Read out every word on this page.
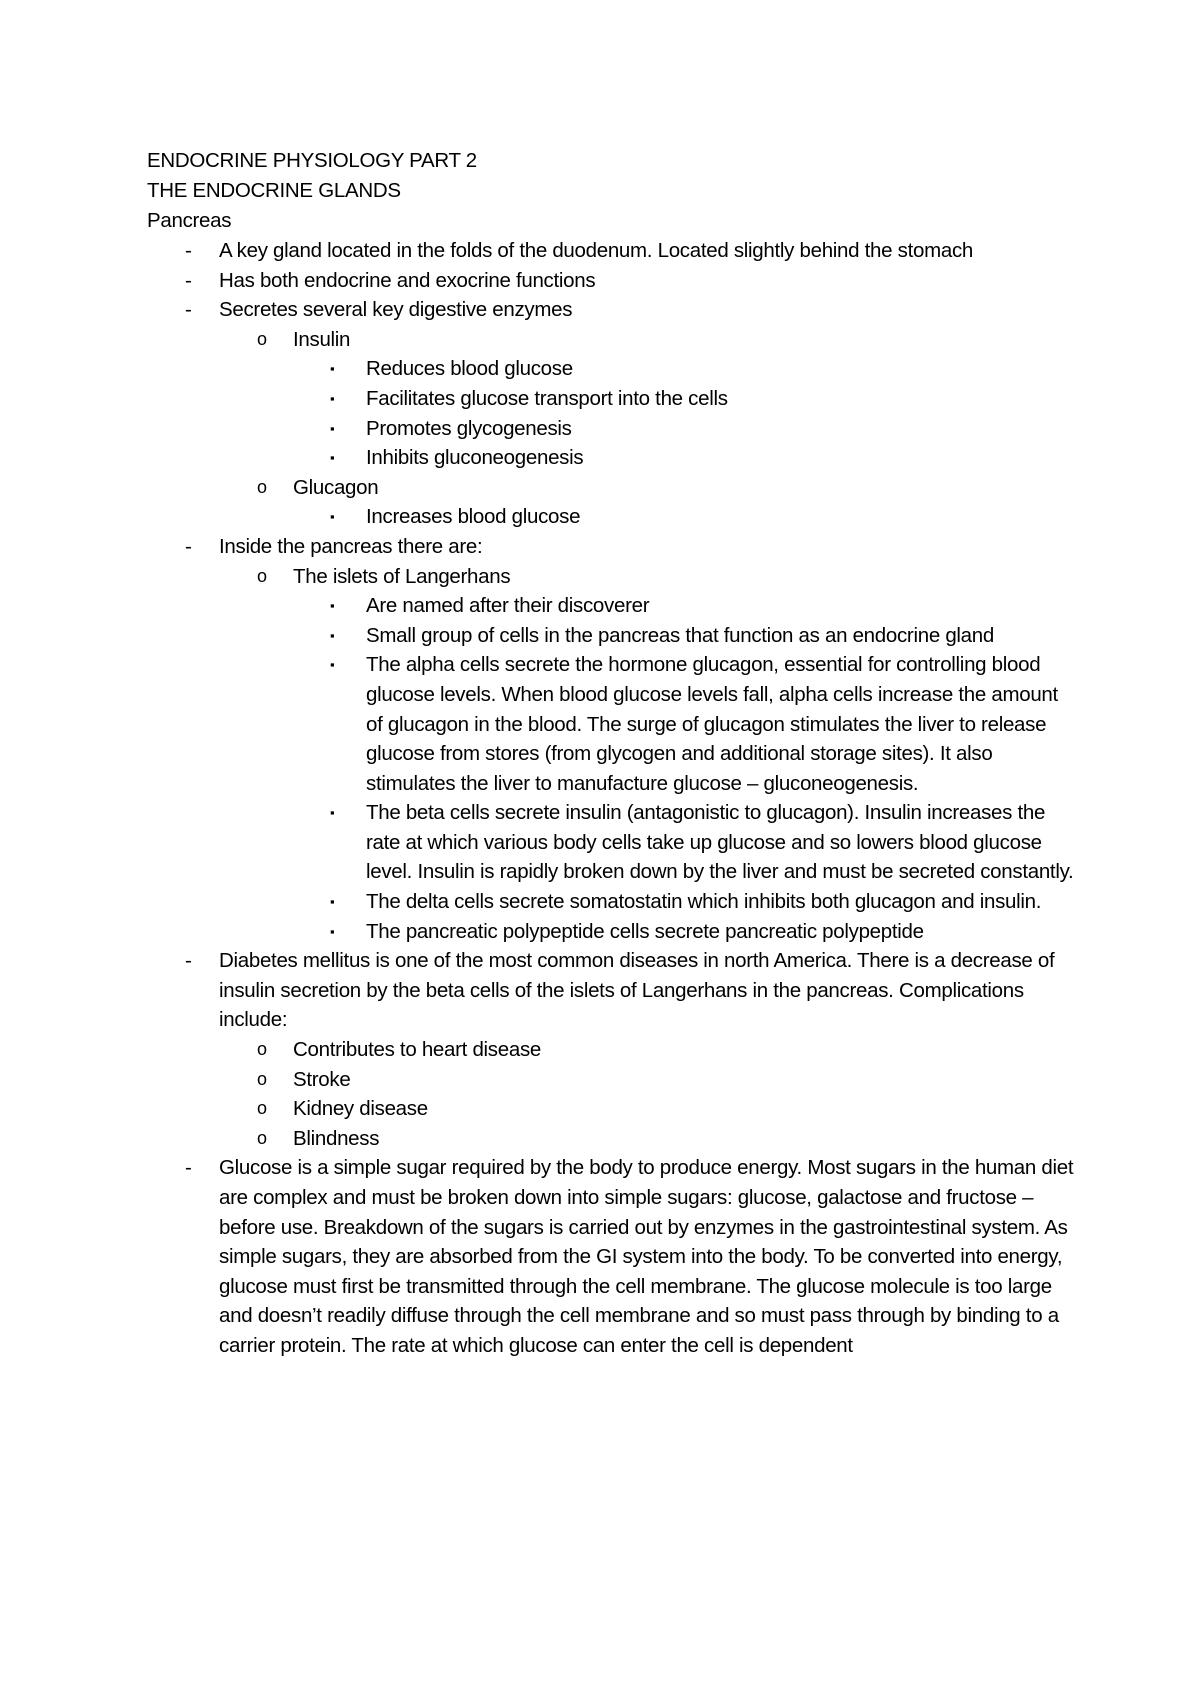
ENDOCRINE PHYSIOLOGY PART 2
THE ENDOCRINE GLANDS
Pancreas
- A key gland located in the folds of the duodenum. Located slightly behind the stomach
- Has both endocrine and exocrine functions
- Secretes several key digestive enzymes
o Insulin
▪ Reduces blood glucose
▪ Facilitates glucose transport into the cells
▪ Promotes glycogenesis
▪ Inhibits gluconeogenesis
o Glucagon
▪ Increases blood glucose
- Inside the pancreas there are:
o The islets of Langerhans
▪ Are named after their discoverer
▪ Small group of cells in the pancreas that function as an endocrine gland
▪ The alpha cells secrete the hormone glucagon, essential for controlling blood glucose levels. When blood glucose levels fall, alpha cells increase the amount of glucagon in the blood. The surge of glucagon stimulates the liver to release glucose from stores (from glycogen and additional storage sites). It also stimulates the liver to manufacture glucose – gluconeogenesis.
▪ The beta cells secrete insulin (antagonistic to glucagon). Insulin increases the rate at which various body cells take up glucose and so lowers blood glucose level. Insulin is rapidly broken down by the liver and must be secreted constantly.
▪ The delta cells secrete somatostatin which inhibits both glucagon and insulin.
▪ The pancreatic polypeptide cells secrete pancreatic polypeptide
- Diabetes mellitus is one of the most common diseases in north America. There is a decrease of insulin secretion by the beta cells of the islets of Langerhans in the pancreas. Complications include:
o Contributes to heart disease
o Stroke
o Kidney disease
o Blindness
- Glucose is a simple sugar required by the body to produce energy. Most sugars in the human diet are complex and must be broken down into simple sugars: glucose, galactose and fructose – before use. Breakdown of the sugars is carried out by enzymes in the gastrointestinal system. As simple sugars, they are absorbed from the GI system into the body. To be converted into energy, glucose must first be transmitted through the cell membrane. The glucose molecule is too large and doesn’t readily diffuse through the cell membrane and so must pass through by binding to a carrier protein. The rate at which glucose can enter the cell is dependent
